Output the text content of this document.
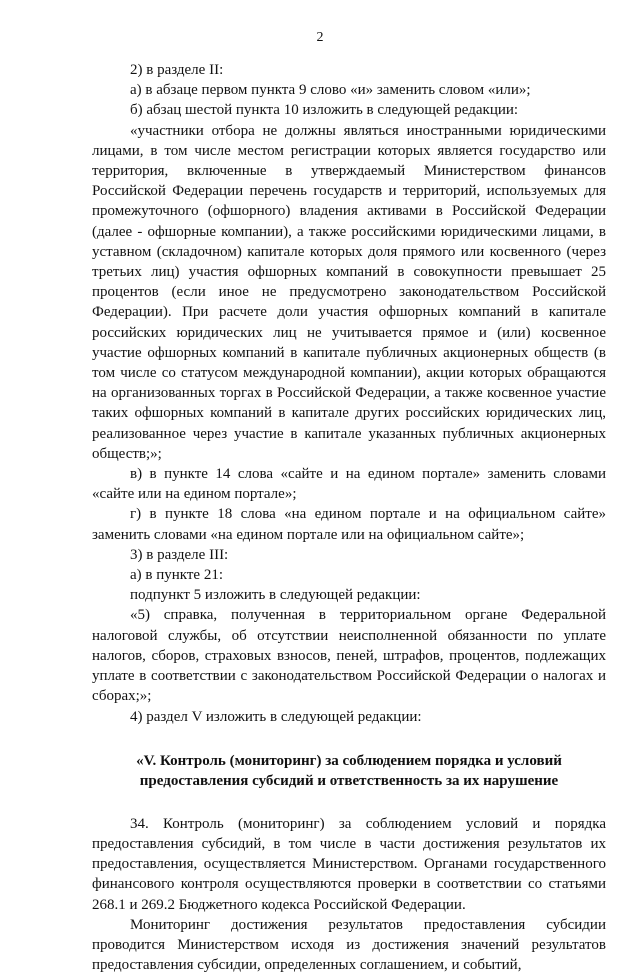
2

2) в разделе II:

а) в абзаце первом пункта 9 слово «и» заменить словом «или»;

б) абзац шестой пункта 10 изложить в следующей редакции:

«участники отбора не должны являться иностранными юридическими лицами, в том числе местом регистрации которых является государство или территория, включенные в утверждаемый Министерством финансов Российской Федерации перечень государств и территорий, используемых для промежуточного (офшорного) владения активами в Российской Федерации (далее - офшорные компании), а также российскими юридическими лицами, в уставном (складочном) капитале которых доля прямого или косвенного (через третьих лиц) участия офшорных компаний в совокупности превышает 25 процентов (если иное не предусмотрено законодательством Российской Федерации). При расчете доли участия офшорных компаний в капитале российских юридических лиц не учитывается прямое и (или) косвенное участие офшорных компаний в капитале публичных акционерных обществ (в том числе со статусом международной компании), акции которых обращаются на организованных торгах в Российской Федерации, а также косвенное участие таких офшорных компаний в капитале других российских юридических лиц, реализованное через участие в капитале указанных публичных акционерных обществ;»;

в) в пункте 14 слова «сайте и на едином портале» заменить словами «сайте или на едином портале»;

г) в пункте 18 слова «на едином портале и на официальном сайте» заменить словами «на едином портале или на официальном сайте»;

3) в разделе III:

а) в пункте 21:

подпункт 5 изложить в следующей редакции:

«5) справка, полученная в территориальном органе Федеральной налоговой службы, об отсутствии неисполненной обязанности по уплате налогов, сборов, страховых взносов, пеней, штрафов, процентов, подлежащих уплате в соответствии с законодательством Российской Федерации о налогах и сборах;»;

4) раздел V изложить в следующей редакции:

«V. Контроль (мониторинг) за соблюдением порядка и условий
предоставления субсидий и ответственность за их нарушение

34. Контроль (мониторинг) за соблюдением условий и порядка предоставления субсидий, в том числе в части достижения результатов их предоставления, осуществляется Министерством. Органами государственного финансового контроля осуществляются проверки в соответствии со статьями 268.1 и 269.2 Бюджетного кодекса Российской Федерации.

Мониторинг достижения результатов предоставления субсидии проводится Министерством исходя из достижения значений результатов предоставления субсидии, определенных соглашением, и событий,
